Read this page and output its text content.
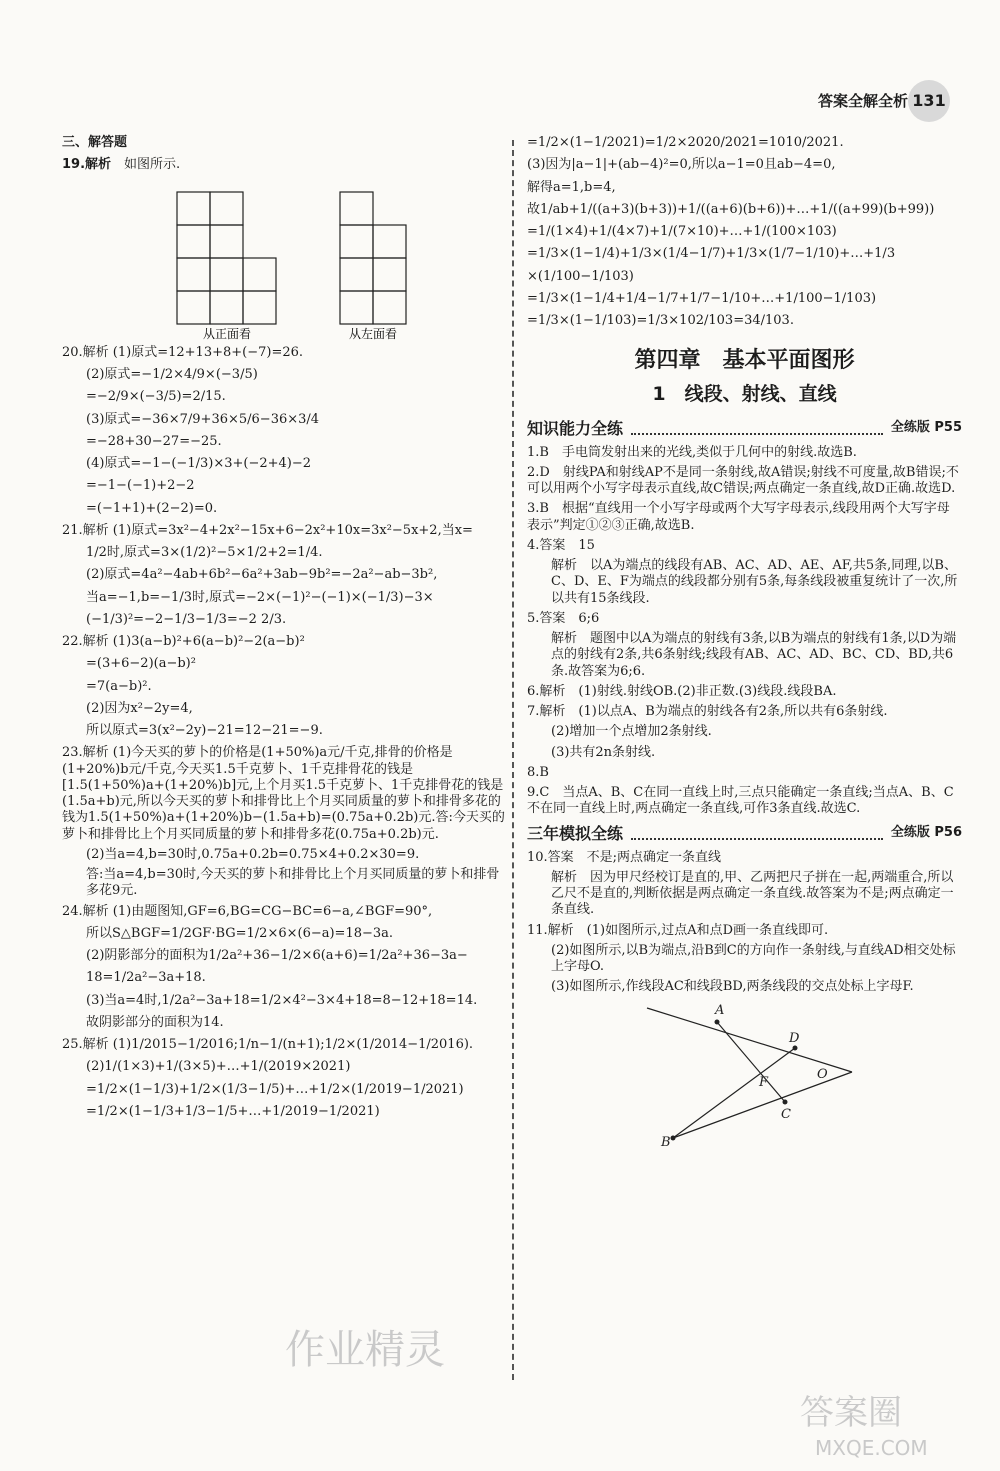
答案全解全析 131
三、解答题
19.解析　 如图所示.
从正面看	从左面看
20.解析 (1)原式=12+13+8+(−7)=26.
(2)原式=−1/2×4/9×(−3/5)
=−2/9×(−3/5)=2/15.
(3)原式=−36×7/9+36×5/6−36×3/4
=−28+30−27=−25.
(4)原式=−1−(−1/3)×3+(−2+4)−2
=−1−(−1)+2−2
=(−1+1)+(2−2)=0.
21.解析 (1)原式=3x²−4+2x²−15x+6−2x²+10x=3x²−5x+2,当x=
1/2时,原式=3×(1/2)²−5×1/2+2=1/4.
(2)原式=4a²−4ab+6b²−6a²+3ab−9b²=−2a²−ab−3b²,
当a=−1,b=−1/3时,原式=−2×(−1)²−(−1)×(−1/3)−3×
(−1/3)²=−2−1/3−1/3=−2 2/3.
22.解析 (1)3(a−b)²+6(a−b)²−2(a−b)²
=(3+6−2)(a−b)²
=7(a−b)².
(2)因为x²−2y=4,
所以原式=3(x²−2y)−21=12−21=−9.
23.解析 (1)今天买的萝卜的价格是(1+50%)a元/千克,排骨的价格是(1+20%)b元/千克,今天买1.5千克萝卜、1千克排骨花的钱是[1.5(1+50%)a+(1+20%)b]元,上个月买1.5千克萝卜、1千克排骨花的钱是(1.5a+b)元,所以今天买的萝卜和排骨比上个月买同质量的萝卜和排骨多花的钱为1.5(1+50%)a+(1+20%)b−(1.5a+b)=(0.75a+0.2b)元.答:今天买的萝卜和排骨比上个月买同质量的萝卜和排骨多花(0.75a+0.2b)元.
(2)当a=4,b=30时,0.75a+0.2b=0.75×4+0.2×30=9.
答:当a=4,b=30时,今天买的萝卜和排骨比上个月买同质量的萝卜和排骨多花9元.
24.解析 (1)由题图知,GF=6,BG=CG−BC=6−a,∠BGF=90°,
所以S△BGF=1/2GF·BG=1/2×6×(6−a)=18−3a.
(2)阴影部分的面积为1/2a²+36−1/2×6(a+6)=1/2a²+36−3a−
18=1/2a²−3a+18.
(3)当a=4时,1/2a²−3a+18=1/2×4²−3×4+18=8−12+18=14.
故阴影部分的面积为14.
25.解析 (1)1/2015−1/2016;1/n−1/(n+1);1/2×(1/2014−1/2016).
(2)1/(1×3)+1/(3×5)+…+1/(2019×2021)
=1/2×(1−1/3)+1/2×(1/3−1/5)+…+1/2×(1/2019−1/2021)
=1/2×(1−1/3+1/3−1/5+…+1/2019−1/2021)
作业精灵
=1/2×(1−1/2021)=1/2×2020/2021=1010/2021.
(3)因为|a−1|+(ab−4)²=0,所以a−1=0且ab−4=0,
解得a=1,b=4,
故1/ab+1/((a+3)(b+3))+1/((a+6)(b+6))+…+1/((a+99)(b+99))
=1/(1×4)+1/(4×7)+1/(7×10)+…+1/(100×103)
=1/3×(1−1/4)+1/3×(1/4−1/7)+1/3×(1/7−1/10)+…+1/3
×(1/100−1/103)
=1/3×(1−1/4+1/4−1/7+1/7−1/10+…+1/100−1/103)
=1/3×(1−1/103)=1/3×102/103=34/103.
第四章　基本平面图形
1　线段、射线、直线
知识能力全练	全练版 P55
1.B　手电筒发射出来的光线,类似于几何中的射线.故选B.
2.D　射线PA和射线AP不是同一条射线,故A错误;射线不可度量,故B错误;不可以用两个小写字母表示直线,故C错误;两点确定一条直线,故D正确.故选D.
3.B　根据“直线用一个小写字母或两个大写字母表示,线段用两个大写字母表示”判定①②③正确,故选B.
4.答案　15
解析　以A为端点的线段有AB、AC、AD、AE、AF,共5条,同理,以B、C、D、E、F为端点的线段都分别有5条,每条线段被重复统计了一次,所以共有15条线段.
5.答案　6;6
解析　题图中以A为端点的射线有3条,以B为端点的射线有1条,以D为端点的射线有2条,共6条射线;线段有AB、AC、AD、BC、CD、BD,共6条.故答案为6;6.
6.解析　(1)射线.射线OB.(2)非正数.(3)线段.线段BA.
7.解析　(1)以点A、B为端点的射线各有2条,所以共有6条射线.
(2)增加一个点增加2条射线.
(3)共有2n条射线.
8.B
9.C　当点A、B、C在同一直线上时,三点只能确定一条直线;当点A、B、C不在同一直线上时,两点确定一条直线,可作3条直线.故选C.
三年模拟全练	全练版 P56
10.答案　不是;两点确定一条直线
解析　因为甲尺经校订是直的,甲、乙两把尺子拼在一起,两端重合,所以乙尺不是直的,判断依据是两点确定一条直线.故答案为不是;两点确定一条直线.
11.解析　(1)如图所示,过点A和点D画一条直线即可.
(2)如图所示,以B为端点,沿B到C的方向作一条射线,与直线AD相交处标上字母O.
(3)如图所示,作线段AC和线段BD,两条线段的交点处标上字母F.
A
D
F
O
C
B
答案圈
MXQE.COM
